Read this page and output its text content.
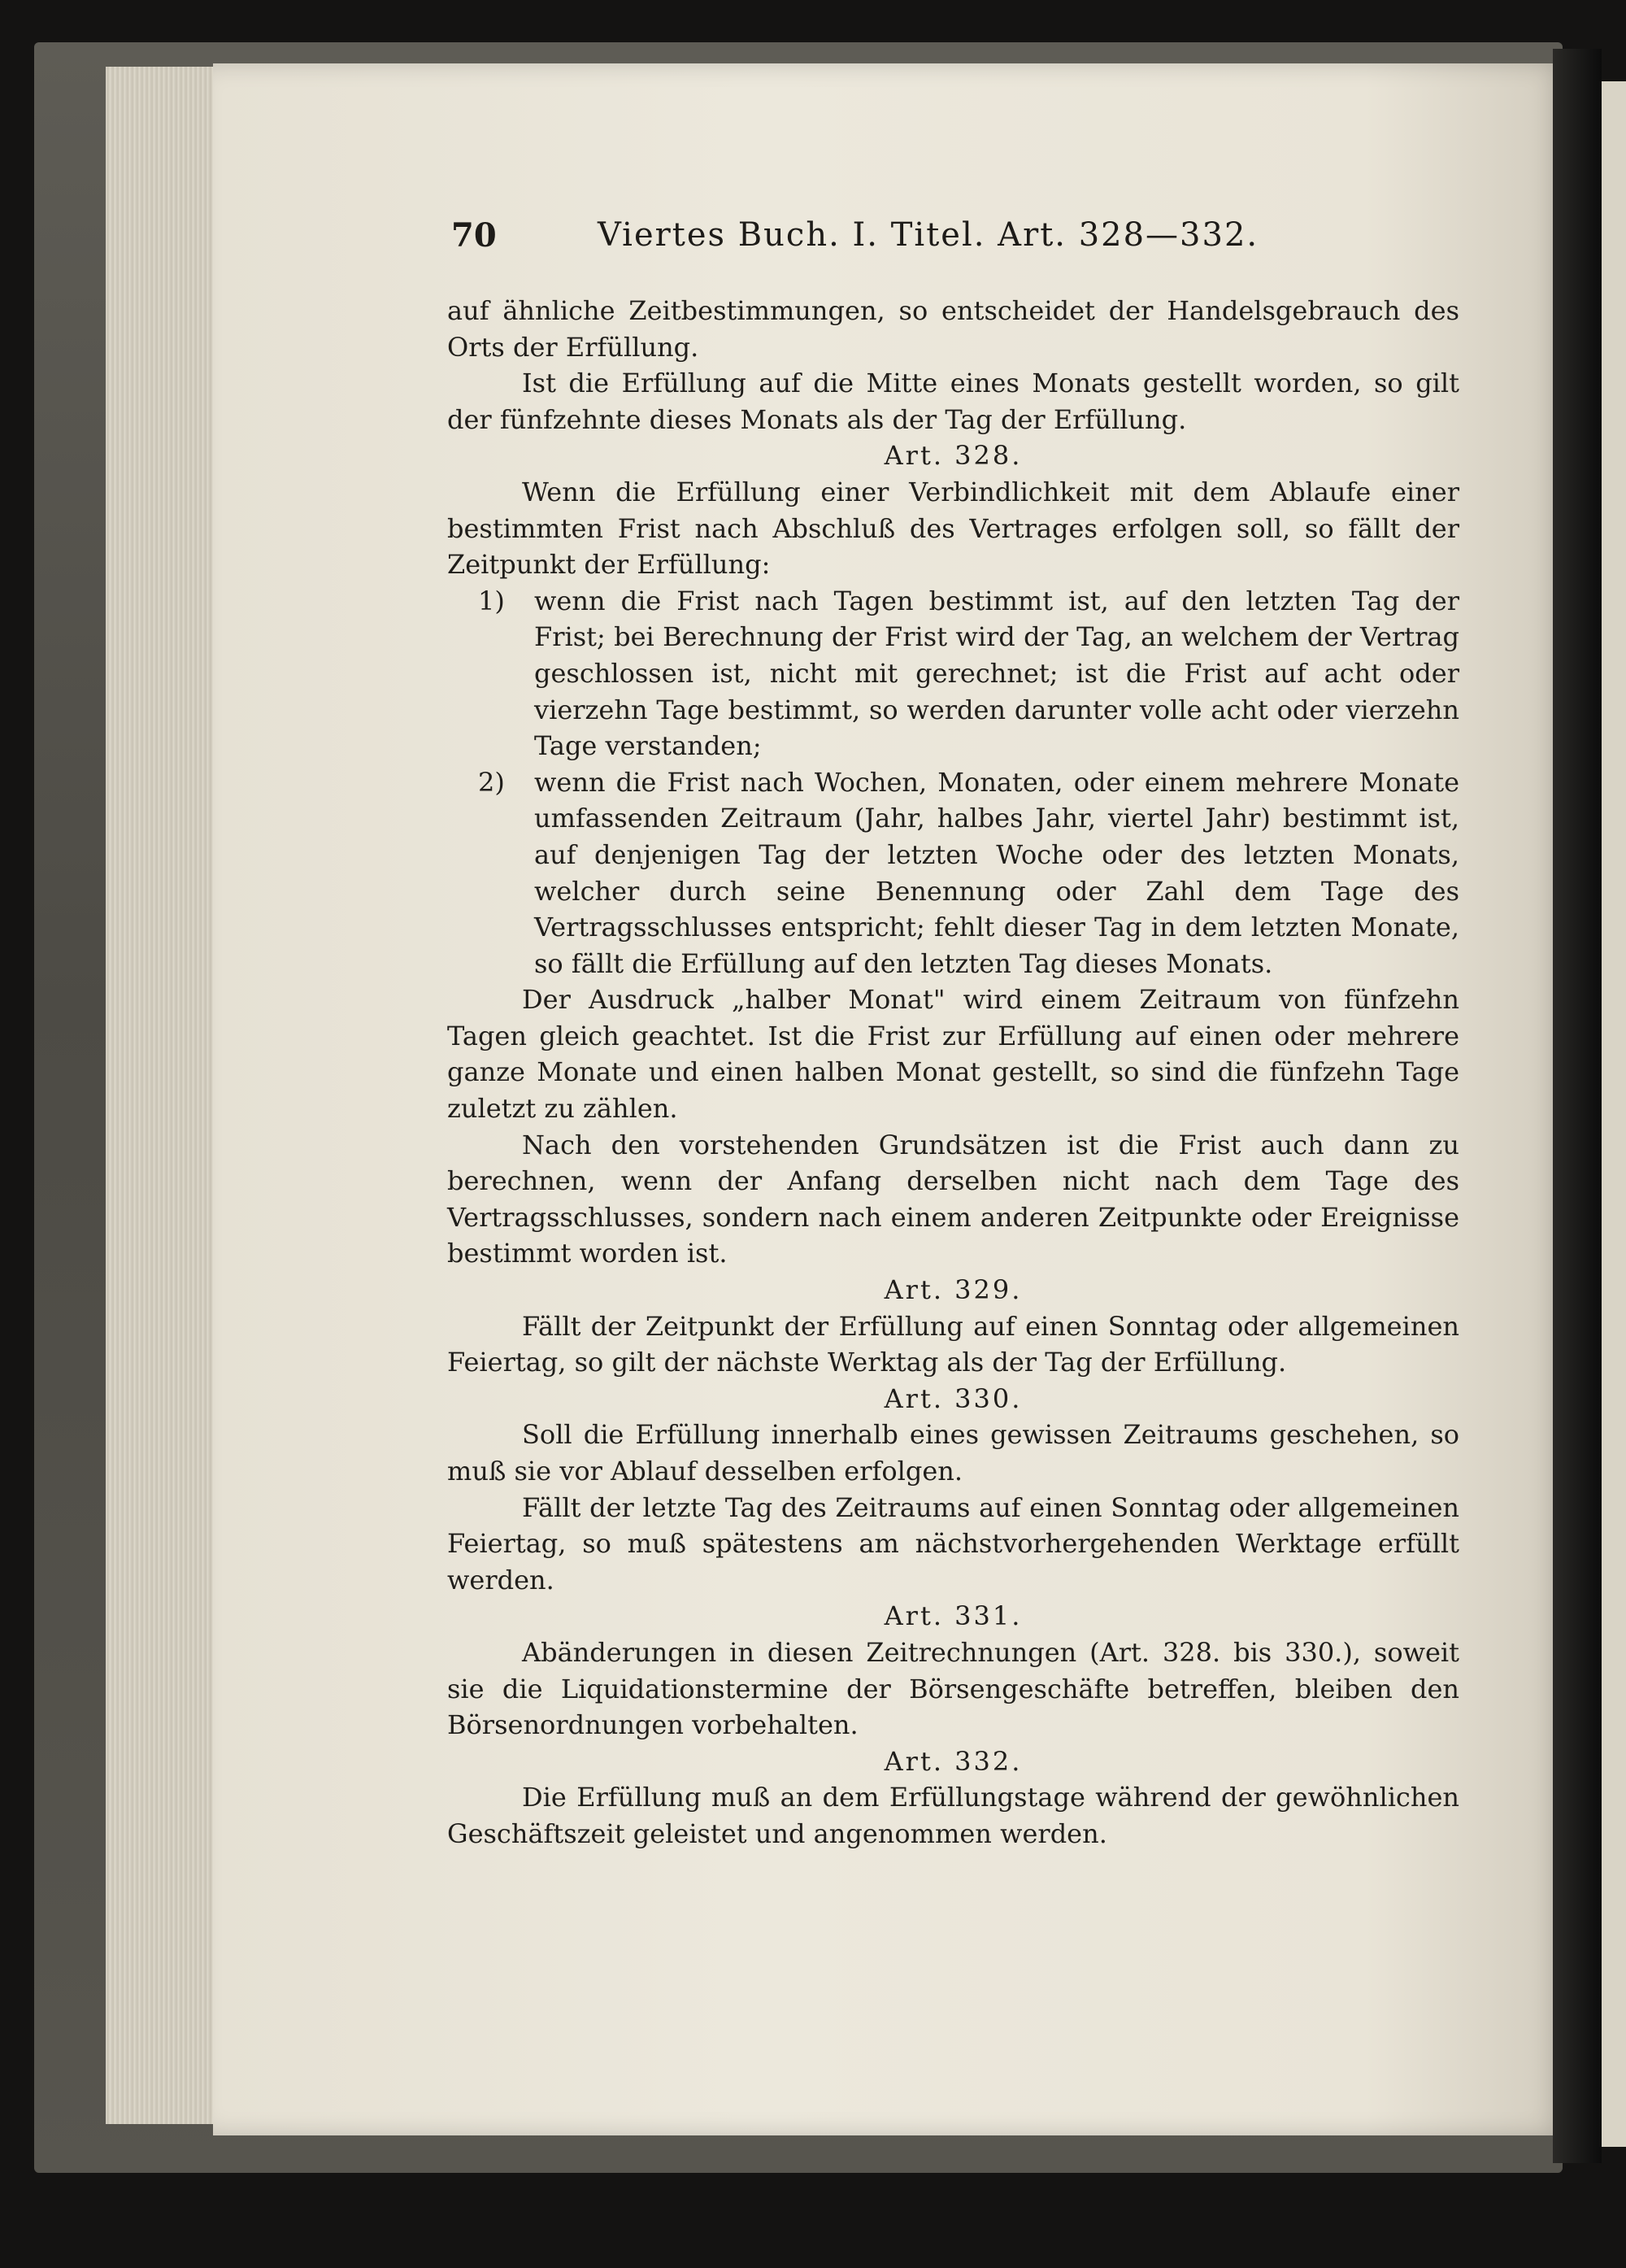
70	Viertes Buch. I. Titel. Art. 328—332.

auf ähnliche Zeitbestimmungen, so entscheidet der Handelsgebrauch des Orts der Erfüllung.

Ist die Erfüllung auf die Mitte eines Monats gestellt worden, so gilt der fünfzehnte dieses Monats als der Tag der Erfüllung.

Art. 328.

Wenn die Erfüllung einer Verbindlichkeit mit dem Ablaufe einer bestimmten Frist nach Abschluß des Vertrages erfolgen soll, so fällt der Zeitpunkt der Erfüllung:

1) wenn die Frist nach Tagen bestimmt ist, auf den letzten Tag der Frist; bei Berechnung der Frist wird der Tag, an welchem der Vertrag geschlossen ist, nicht mit gerechnet; ist die Frist auf acht oder vierzehn Tage bestimmt, so werden darunter volle acht oder vierzehn Tage verstanden;
2) wenn die Frist nach Wochen, Monaten, oder einem mehrere Monate umfassenden Zeitraum (Jahr, halbes Jahr, viertel Jahr) bestimmt ist, auf denjenigen Tag der letzten Woche oder des letzten Monats, welcher durch seine Benennung oder Zahl dem Tage des Vertragsschlusses entspricht; fehlt dieser Tag in dem letzten Monate, so fällt die Erfüllung auf den letzten Tag dieses Monats.

Der Ausdruck „halber Monat" wird einem Zeitraum von fünfzehn Tagen gleich geachtet. Ist die Frist zur Erfüllung auf einen oder mehrere ganze Monate und einen halben Monat gestellt, so sind die fünfzehn Tage zuletzt zu zählen.

Nach den vorstehenden Grundsätzen ist die Frist auch dann zu berechnen, wenn der Anfang derselben nicht nach dem Tage des Vertragsschlusses, sondern nach einem anderen Zeitpunkte oder Ereignisse bestimmt worden ist.

Art. 329.

Fällt der Zeitpunkt der Erfüllung auf einen Sonntag oder allgemeinen Feiertag, so gilt der nächste Werktag als der Tag der Erfüllung.

Art. 330.

Soll die Erfüllung innerhalb eines gewissen Zeitraums geschehen, so muß sie vor Ablauf desselben erfolgen.

Fällt der letzte Tag des Zeitraums auf einen Sonntag oder allgemeinen Feiertag, so muß spätestens am nächstvorhergehenden Werktage erfüllt werden.

Art. 331.

Abänderungen in diesen Zeitrechnungen (Art. 328. bis 330.), soweit sie die Liquidationstermine der Börsengeschäfte betreffen, bleiben den Börsenordnungen vorbehalten.

Art. 332.

Die Erfüllung muß an dem Erfüllungstage während der gewöhnlichen Geschäftszeit geleistet und angenommen werden.
